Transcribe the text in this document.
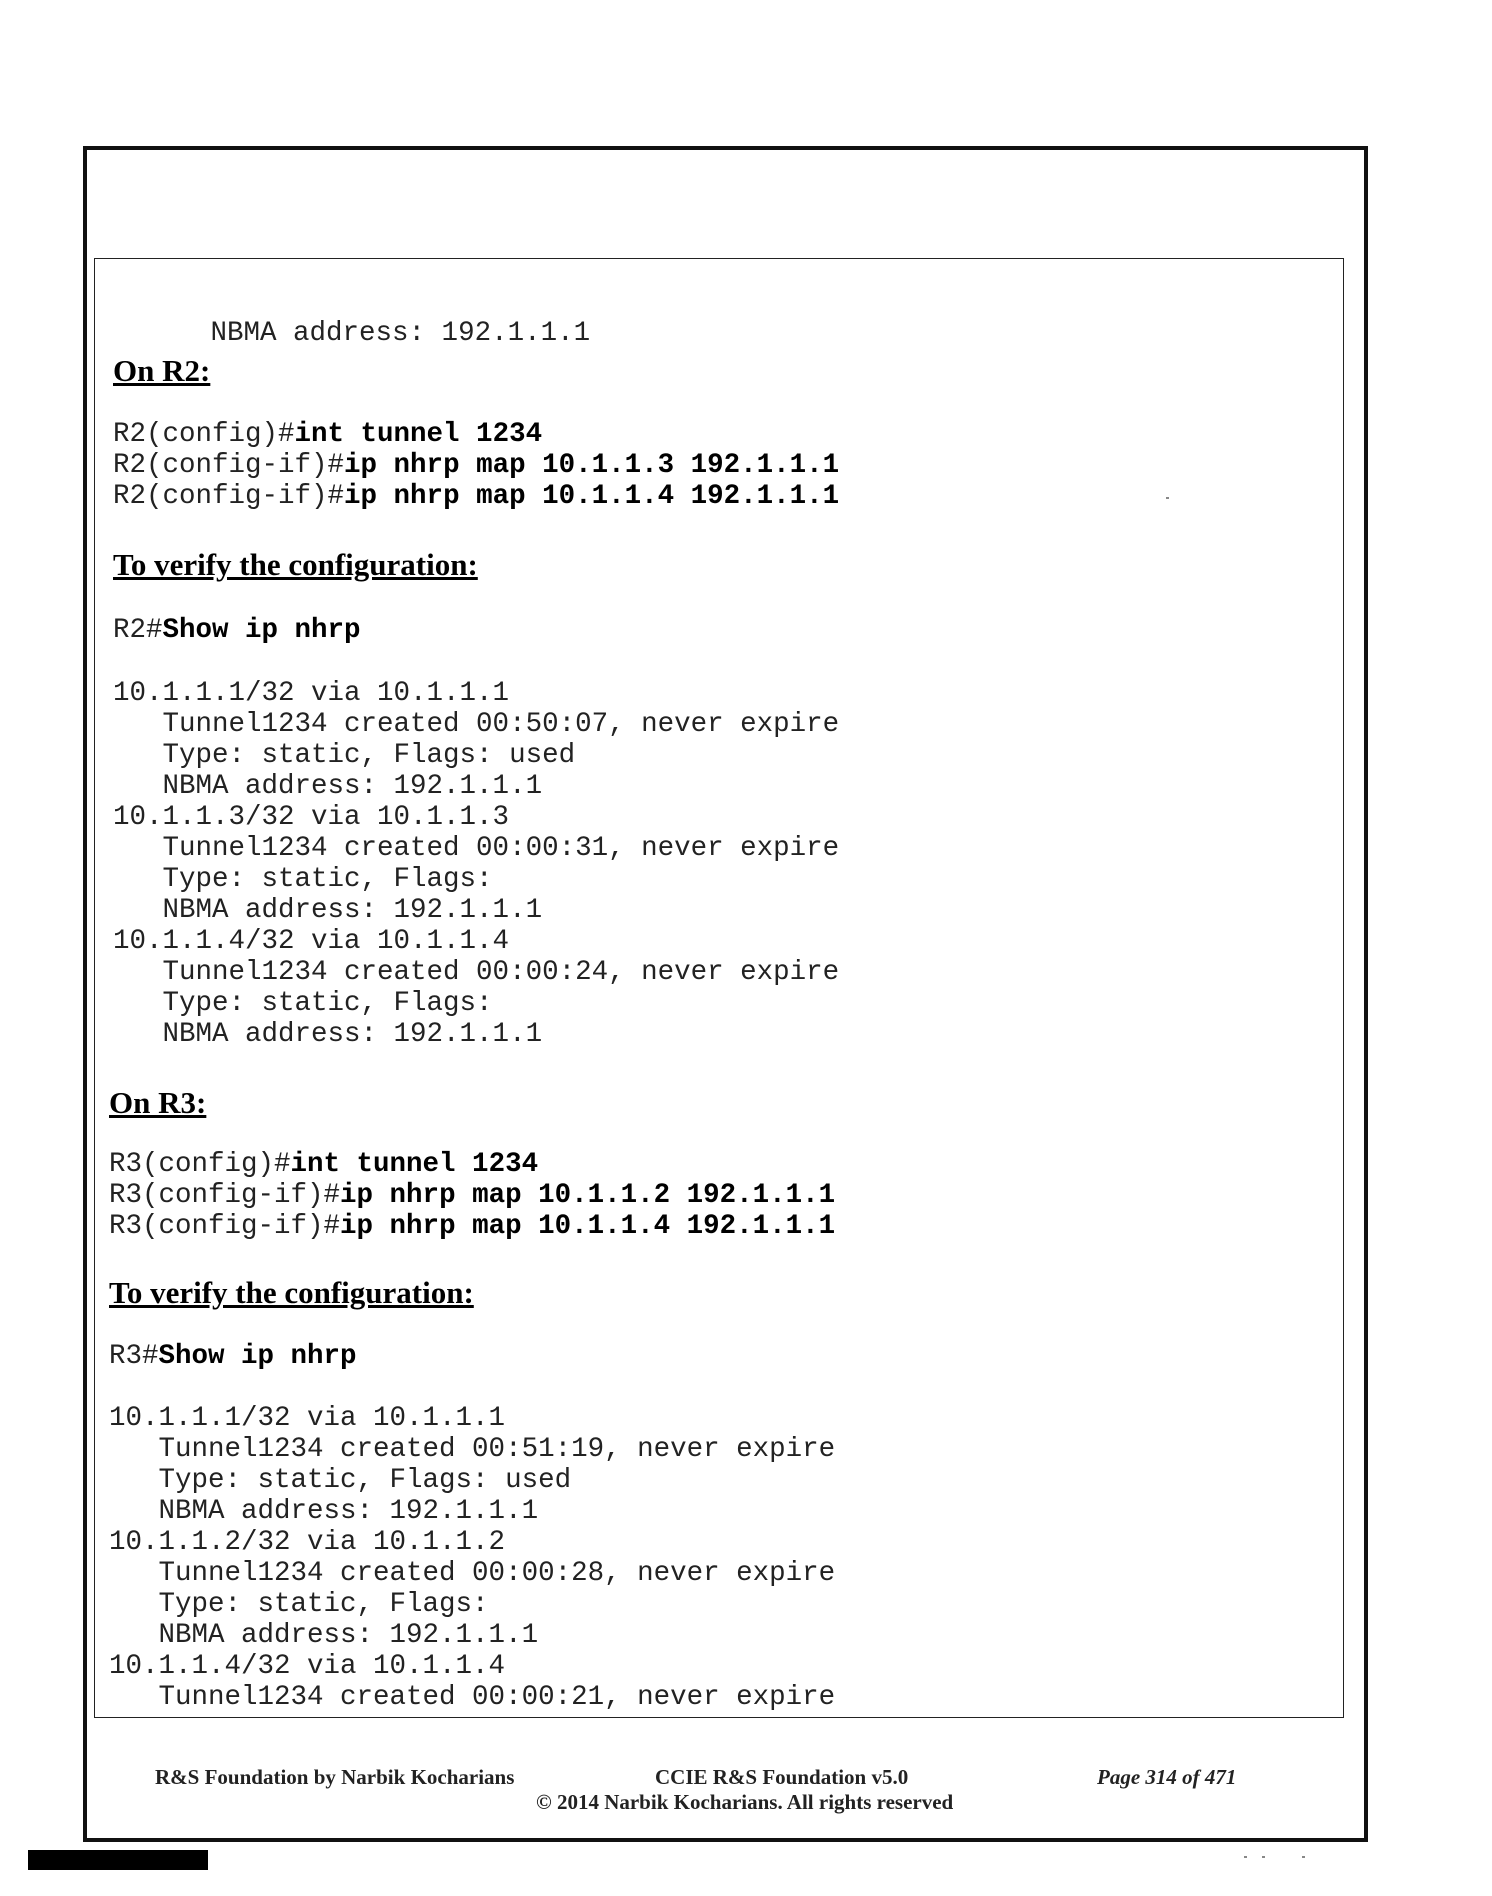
NBMA address: 192.1.1.1

On R2:
R2(config)#int tunnel 1234
R2(config-if)#ip nhrp map 10.1.1.3 192.1.1.1
R2(config-if)#ip nhrp map 10.1.1.4 192.1.1.1
To verify the configuration:
R2#Show ip nhrp
10.1.1.1/32 via 10.1.1.1
Tunnel1234 created 00:50:07, never expire
Type: static, Flags: used
NBMA address: 192.1.1.1
10.1.1.3/32 via 10.1.1.3
Tunnel1234 created 00:00:31, never expire
Type: static, Flags:
NBMA address: 192.1.1.1
10.1.1.4/32 via 10.1.1.4
Tunnel1234 created 00:00:24, never expire
Type: static, Flags:
NBMA address: 192.1.1.1
On R3:
R3(config)#int tunnel 1234
R3(config-if)#ip nhrp map 10.1.1.2 192.1.1.1
R3(config-if)#ip nhrp map 10.1.1.4 192.1.1.1
To verify the configuration:
R3#Show ip nhrp
10.1.1.1/32 via 10.1.1.1
Tunnel1234 created 00:51:19, never expire
Type: static, Flags: used
NBMA address: 192.1.1.1
10.1.1.2/32 via 10.1.1.2
Tunnel1234 created 00:00:28, never expire
Type: static, Flags:
NBMA address: 192.1.1.1
10.1.1.4/32 via 10.1.1.4
Tunnel1234 created 00:00:21, never expire
R&S Foundation by Narbik Kocharians	CCIE R&S Foundation v5.0	Page 314 of 471
© 2014 Narbik Kocharians. All rights reserved
